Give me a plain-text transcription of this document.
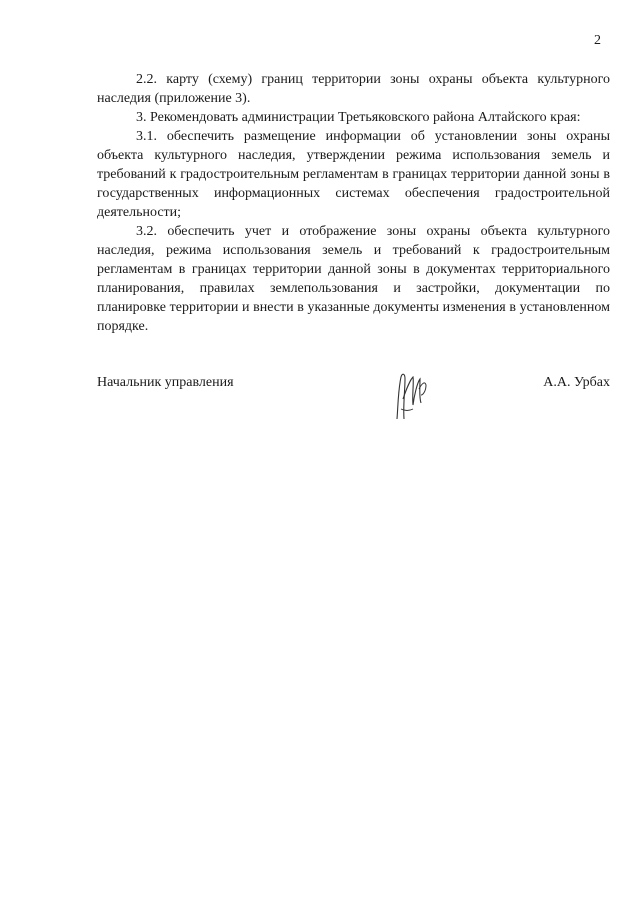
2

2.2. карту (схему) границ территории зоны охраны объекта культурного наследия (приложение 3).

3. Рекомендовать администрации Третьяковского района Алтайского края:

3.1. обеспечить размещение информации об установлении зоны охраны объекта культурного наследия, утверждении режима использования земель и требований к градостроительным регламентам в границах территории данной зоны в государственных информационных системах обеспечения градостроительной деятельности;

3.2. обеспечить учет и отображение зоны охраны объекта культурного наследия, режима использования земель и требований к градостроительным регламентам в границах территории данной зоны в документах территориального планирования, правилах землепользования и застройки, документации по планировке территории и внести в указанные документы изменения в установленном порядке.

Начальник управления	А.А. Урбах
